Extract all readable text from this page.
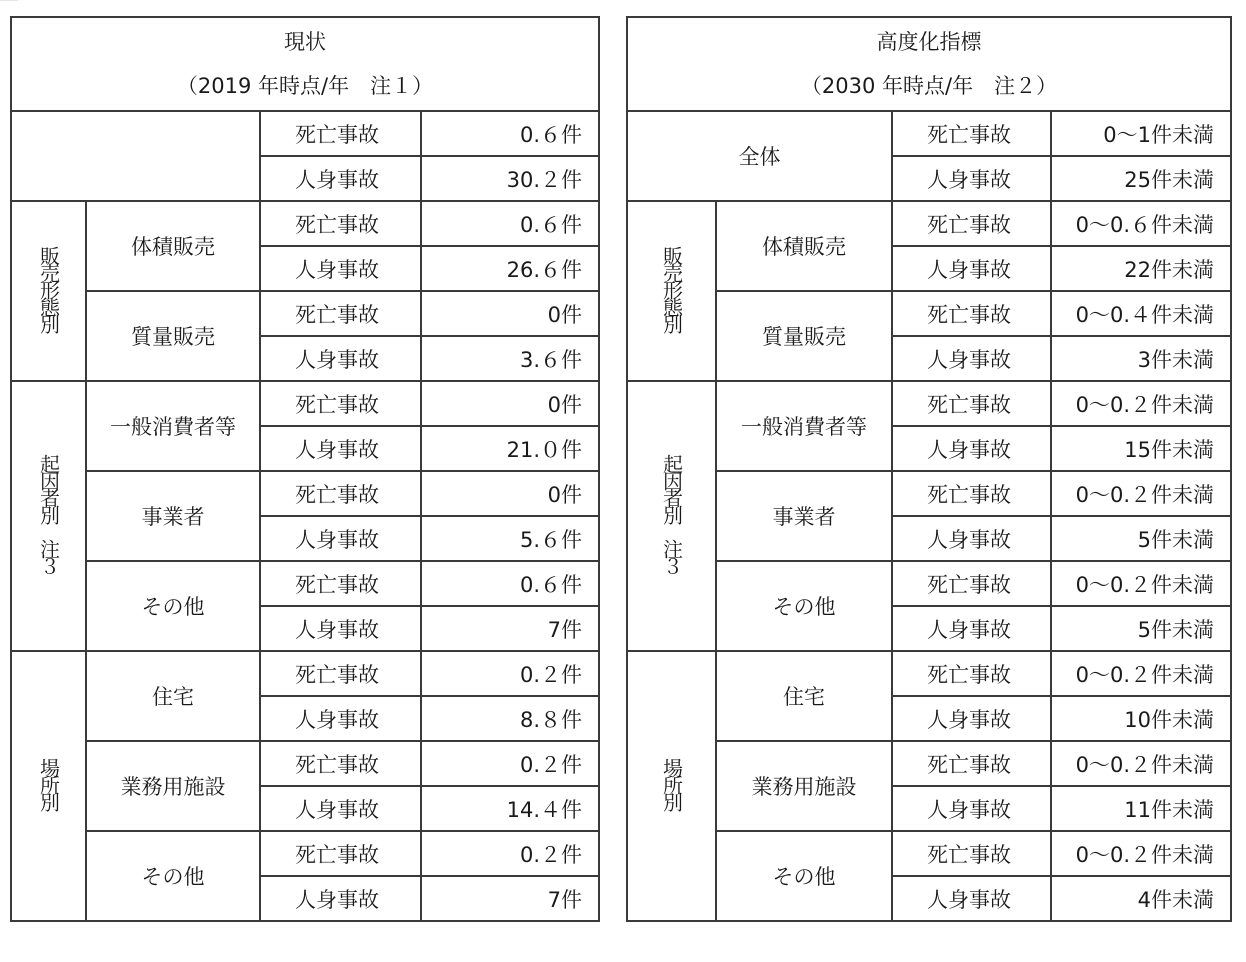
現状
（2019 年時点/年　注１）			

		死亡事故	0.６件
		人身事故	30.２件
販売形態別	体積販売	死亡事故	0.６件
		人身事故	26.６件
	質量販売	死亡事故	0件
		人身事故	3.６件
起因者別　注３	一般消費者等	死亡事故	0件
		人身事故	21.０件
	事業者	死亡事故	0件
		人身事故	5.６件
	その他	死亡事故	0.６件
		人身事故	7件
場所別	住宅	死亡事故	0.２件
		人身事故	8.８件
	業務用施設	死亡事故	0.２件
		人身事故	14.４件
	その他	死亡事故	0.２件
		人身事故	7件
高度化指標
（2030 年時点/年　注２）			

全体		死亡事故	0～1件未満
		人身事故	25件未満
販売形態別	体積販売	死亡事故	0～0.６件未満
		人身事故	22件未満
	質量販売	死亡事故	0～0.４件未満
		人身事故	3件未満
起因者別　注３	一般消費者等	死亡事故	0～0.２件未満
		人身事故	15件未満
	事業者	死亡事故	0～0.２件未満
		人身事故	5件未満
	その他	死亡事故	0～0.２件未満
		人身事故	5件未満
場所別	住宅	死亡事故	0～0.２件未満
		人身事故	10件未満
	業務用施設	死亡事故	0～0.２件未満
		人身事故	11件未満
	その他	死亡事故	0～0.２件未満
		人身事故	4件未満
